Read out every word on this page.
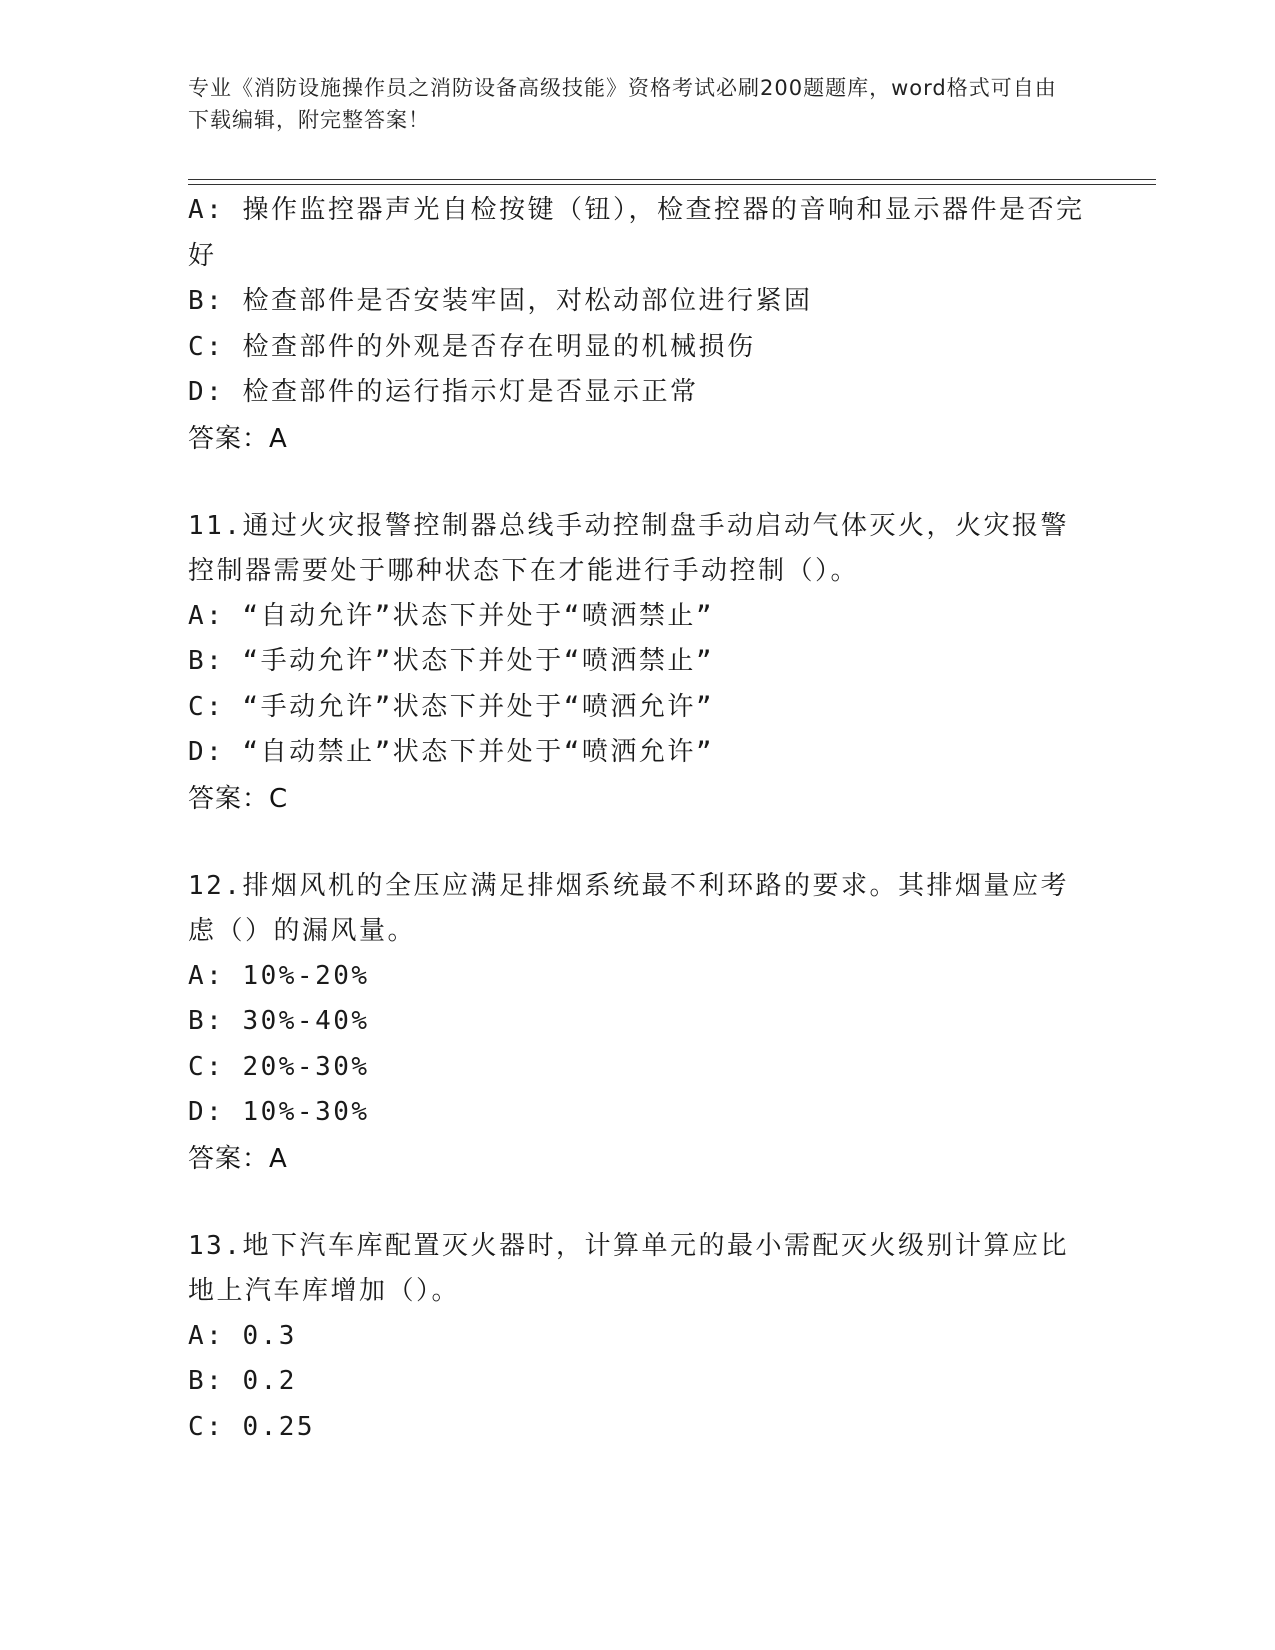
专业《消防设施操作员之消防设备高级技能》资格考试必刷200题题库，word格式可自由下载编辑，附完整答案！
A: 操作监控器声光自检按键（钮），检查控器的音响和显示器件是否完好
B: 检查部件是否安装牢固，对松动部位进行紧固
C: 检查部件的外观是否存在明显的机械损伤
D: 检查部件的运行指示灯是否显示正常
答案：A
11.通过火灾报警控制器总线手动控制盘手动启动气体灭火，火灾报警控制器需要处于哪种状态下在才能进行手动控制（）。
A: “自动允许”状态下并处于“喷洒禁止”
B: “手动允许”状态下并处于“喷洒禁止”
C: “手动允许”状态下并处于“喷洒允许”
D: “自动禁止”状态下并处于“喷洒允许”
答案：C
12.排烟风机的全压应满足排烟系统最不利环路的要求。其排烟量应考虑（）的漏风量。
A: 10%-20%
B: 30%-40%
C: 20%-30%
D: 10%-30%
答案：A
13.地下汽车库配置灭火器时，计算单元的最小需配灭火级别计算应比地上汽车库增加（）。
A: 0.3
B: 0.2
C: 0.25
